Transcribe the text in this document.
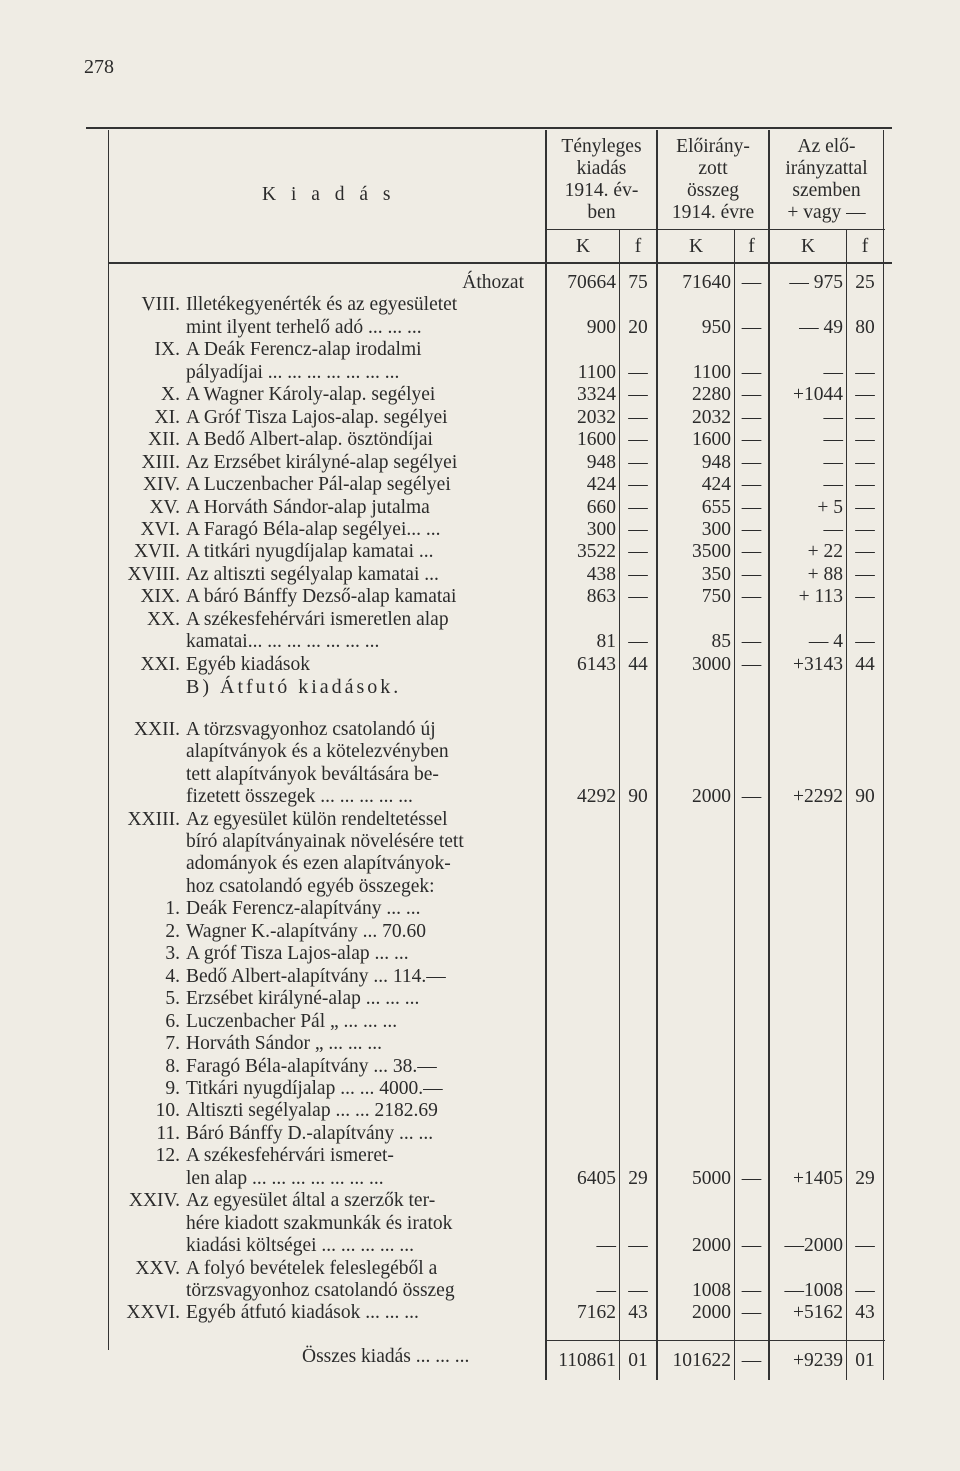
278
K i a d á s
Tényleges
kiadás
1914. év-
ben
Előirány-
zott
összeg
1914. évre
Az elő-
irányzattal
szemben
+ vagy —
K	f	K	f	K	f
Áthozat	70664 75	71640 —	— 975 25
VIII. Illetékegyenérték és az egyesületet
mint ilyent terhelő adó ... ... ...	900 20	950 —	— 49 80
IX. A Deák Ferencz-alap irodalmi
pályadíjai ... ... ... ... ... ... ...	1100 —	1100 —	— —
X. A Wagner Károly-alap. segélyei	3324 —	2280 —	+1044 —
XI. A Gróf Tisza Lajos-alap. segélyei	2032 —	2032 —	— —
XII. A Bedő Albert-alap. ösztöndíjai	1600 —	1600 —	— —
XIII. Az Erzsébet királyné-alap segélyei	948 —	948 —	— —
XIV. A Luczenbacher Pál-alap segélyei	424 —	424 —	— —
XV. A Horváth Sándor-alap jutalma	660 —	655 —	+ 5 —
XVI. A Faragó Béla-alap segélyei... ...	300 —	300 —	— —
XVII. A titkári nyugdíjalap kamatai ...	3522 —	3500 —	+ 22 —
XVIII. Az altiszti segélyalap kamatai ...	438 —	350 —	+ 88 —
XIX. A báró Bánffy Dezső-alap kamatai	863 —	750 —	+ 113 —
XX. A székesfehérvári ismeretlen alap
kamatai... ... ... ... ... ... ...	81 —	85 —	— 4 —
XXI. Egyéb kiadások	6143 44	3000 —	+3143 44
B) Átfutó kiadások.
XXII. A törzsvagyonhoz csatolandó új
alapítványok és a kötelezvényben
tett alapítványok beváltására be-
fizetett összegek ... ... ... ... ...	4292 90	2000 —	+2292 90
XXIII. Az egyesület külön rendeltetéssel
bíró alapítványainak növelésére tett
adományok és ezen alapítványok-
hoz csatolandó egyéb összegek:
1. Deák Ferencz-alapítvány ... ...
2. Wagner K.-alapítvány ... 70.60
3. A gróf Tisza Lajos-alap ... ...
4. Bedő Albert-alapítvány ... 114.—
5. Erzsébet királyné-alap ... ... ...
6. Luczenbacher Pál „ ... ... ...
7. Horváth Sándor „ ... ... ...
8. Faragó Béla-alapítvány ... 38.—
9. Titkári nyugdíjalap ... ... 4000.—
10. Altiszti segélyalap ... ... 2182.69
11. Báró Bánffy D.-alapítvány ... ...
12. A székesfehérvári ismeret-
len alap ... ... ... ... ... ... ...	6405 29	5000 —	+1405 29
XXIV. Az egyesület által a szerzők ter-
hére kiadott szakmunkák és iratok
kiadási költségei ... ... ... ... ...	— —	2000 —	—2000 —
XXV. A folyó bevételek feleslegéből a
törzsvagyonhoz csatolandó összeg	— —	1008 —	—1008 —
XXVI. Egyéb átfutó kiadások ... ... ...	7162 43	2000 —	+5162 43
Összes kiadás ... ... ...	110861 01	101622 —	+9239 01
